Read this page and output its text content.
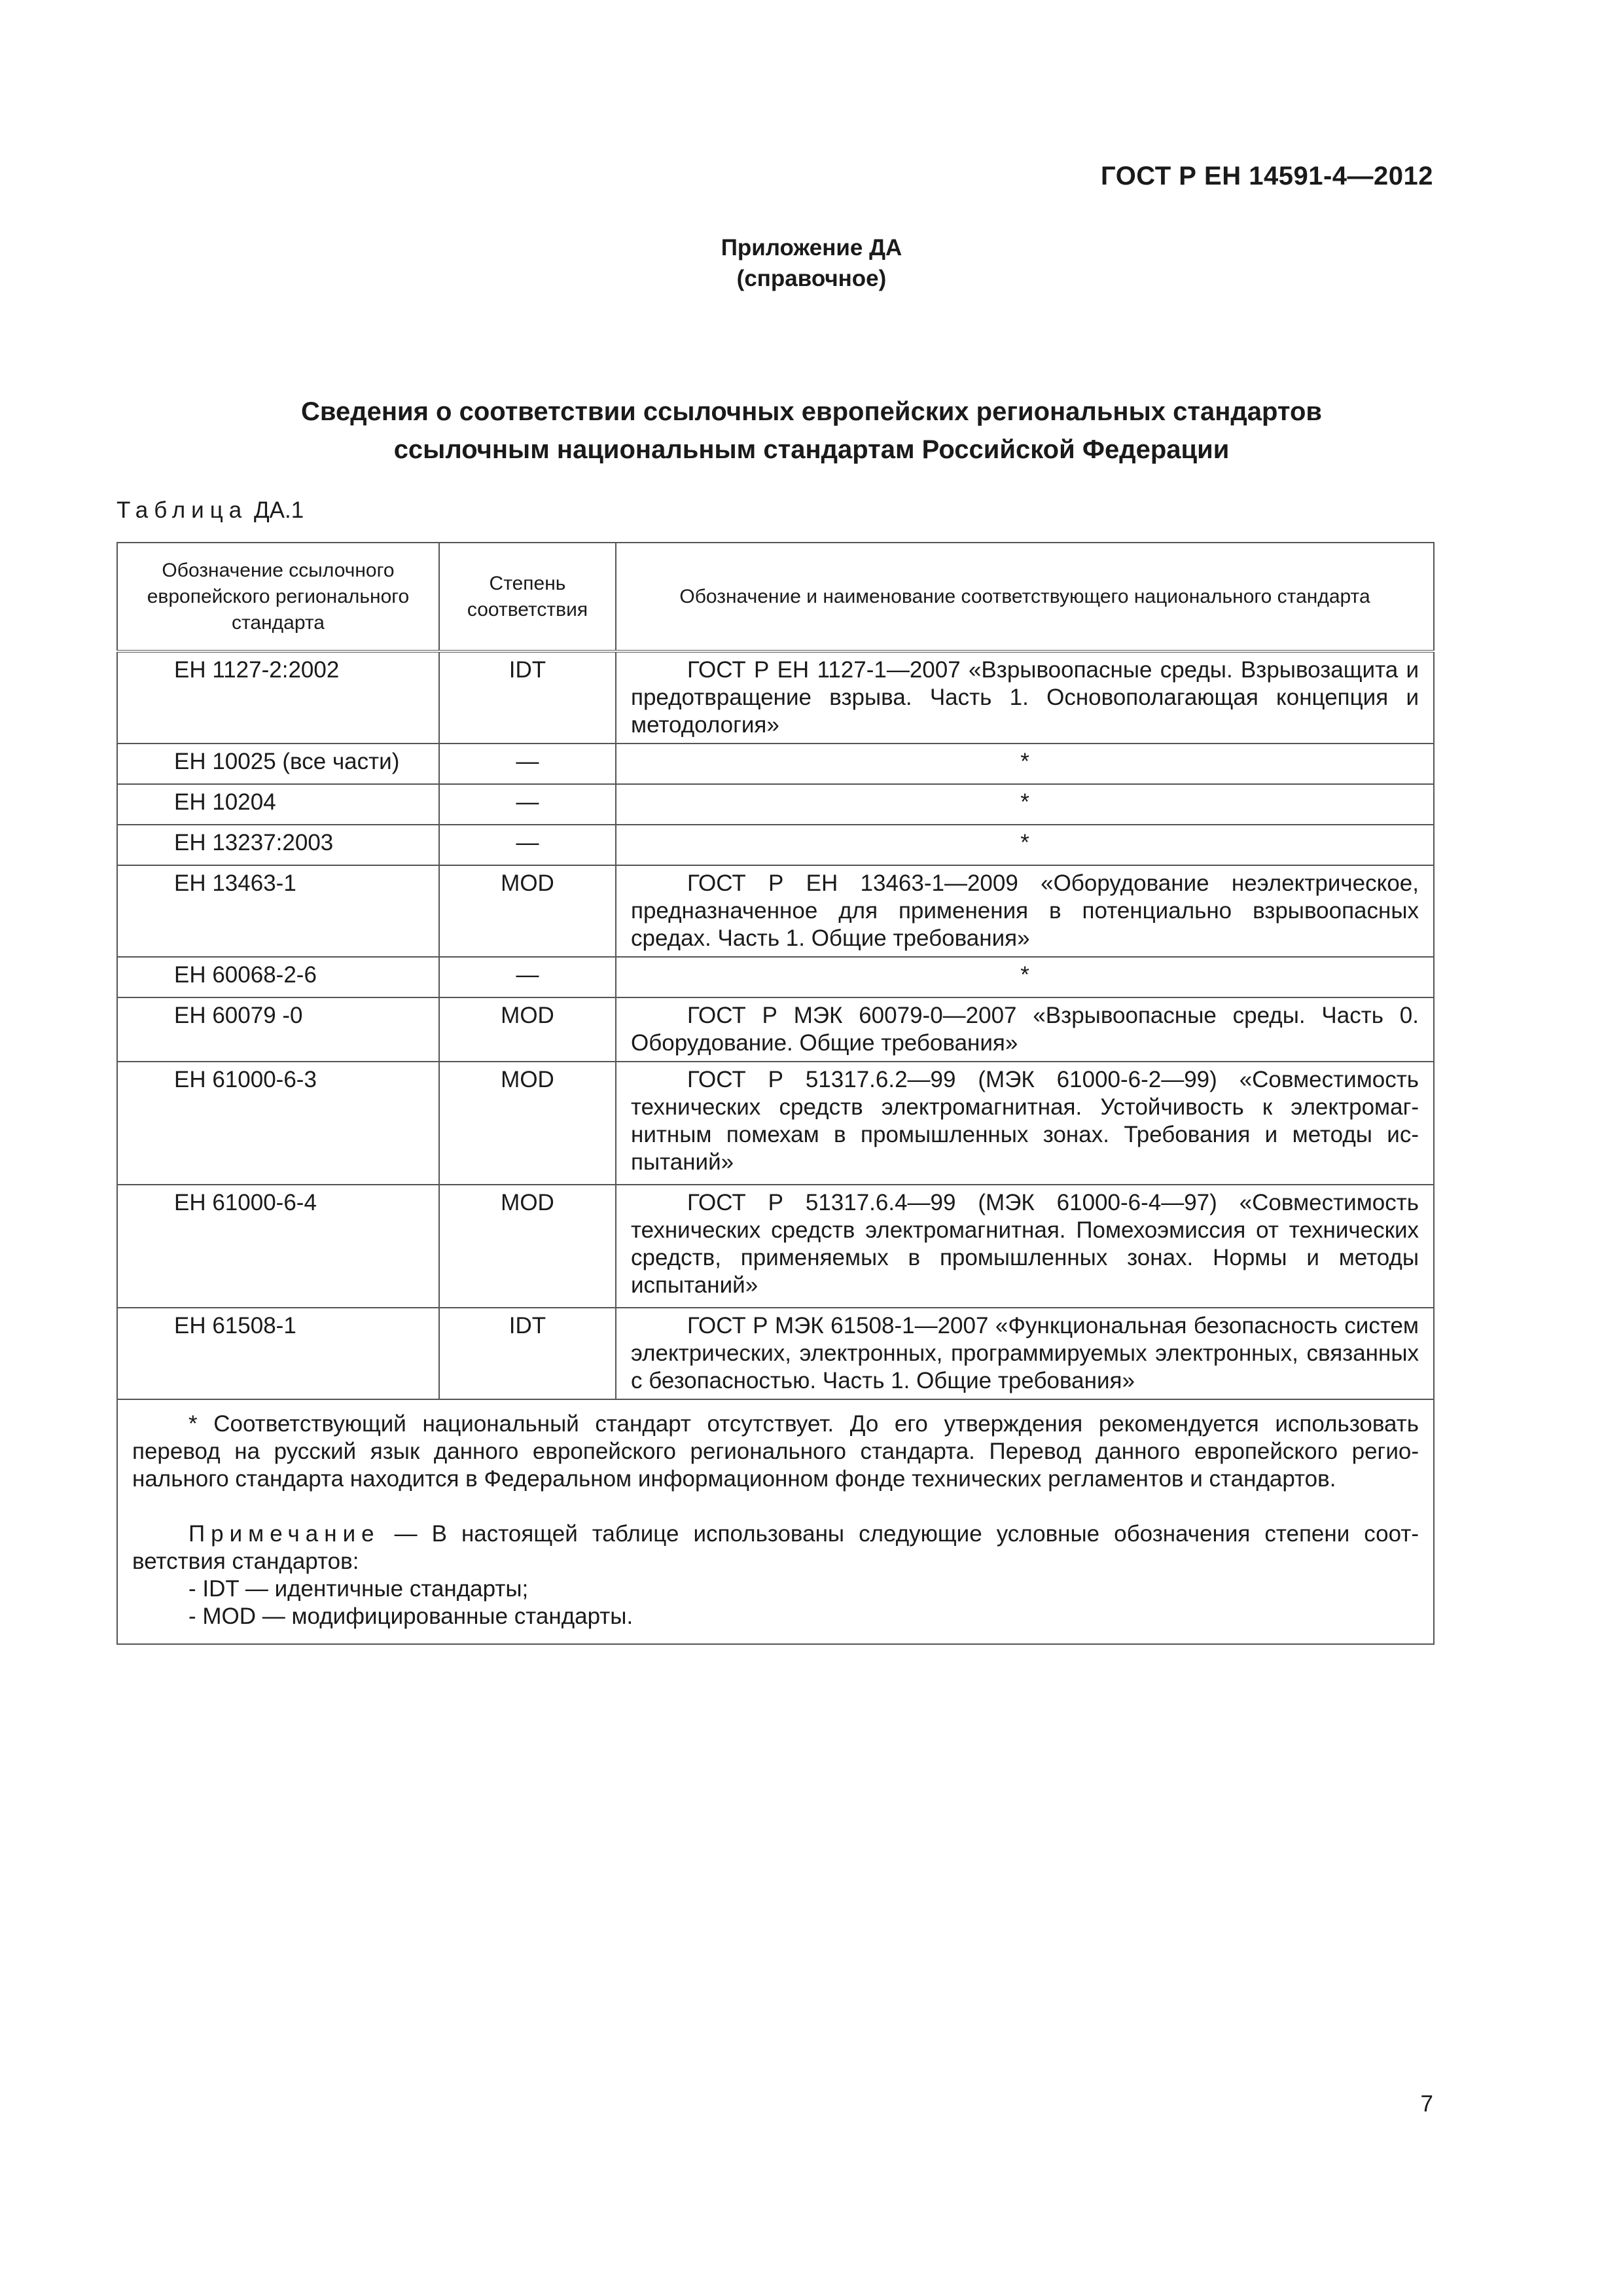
ГОСТ Р ЕН 14591-4—2012
Приложение ДА
(справочное)
Сведения о соответствии ссылочных европейских региональных стандартов
ссылочным национальным стандартам Российской Федерации
Таблица ДА.1
Обозначение ссылочного европейского регионального стандарта	Степень соответствия	Обозначение и наименование соответствующего национального стандарта
ЕН 1127-2:2002	IDT	ГОСТ Р ЕН 1127-1—2007 «Взрывоопасные среды. Взрывозащита и предотвращение взрыва. Часть 1. Основополагающая концепция и методология»
ЕН 10025 (все части)	—	*
ЕН 10204	—	*
ЕН 13237:2003	—	*
ЕН 13463-1	MOD	ГОСТ Р ЕН 13463-1—2009 «Оборудование неэлектрическое, предназначенное для применения в потенциально взрывоопасных средах. Часть 1. Общие требования»
ЕН 60068-2-6	—	*
ЕН 60079 -0	MOD	ГОСТ Р МЭК 60079-0—2007 «Взрывоопасные среды. Часть 0. Оборудование. Общие требования»
ЕН 61000-6-3	MOD	ГОСТ Р 51317.6.2—99 (МЭК 61000-6-2—99) «Совместимость технических средств электромагнитная. Устойчивость к электромагнитным помехам в промышленных зонах. Требования и методы испытаний»
ЕН 61000-6-4	MOD	ГОСТ Р 51317.6.4—99 (МЭК 61000-6-4—97) «Совместимость технических средств электромагнитная. Помехоэмиссия от технических средств, применяемых в промышленных зонах. Нормы и методы испытаний»
ЕН 61508-1	IDT	ГОСТ Р МЭК 61508-1—2007 «Функциональная безопасность систем электрических, электронных, программируемых электронных, связанных с безопасностью. Часть 1. Общие требования»

* Соответствующий национальный стандарт отсутствует. До его утверждения рекомендуется использовать перевод на русский язык данного европейского регионального стандарта. Перевод данного европейского регионального стандарта находится в Федеральном информационном фонде технических регламентов и стандартов.

Примечание — В настоящей таблице использованы следующие условные обозначения степени соответствия стандартов:

- IDT — идентичные стандарты;

- MOD — модифицированные стандарты.		

7
